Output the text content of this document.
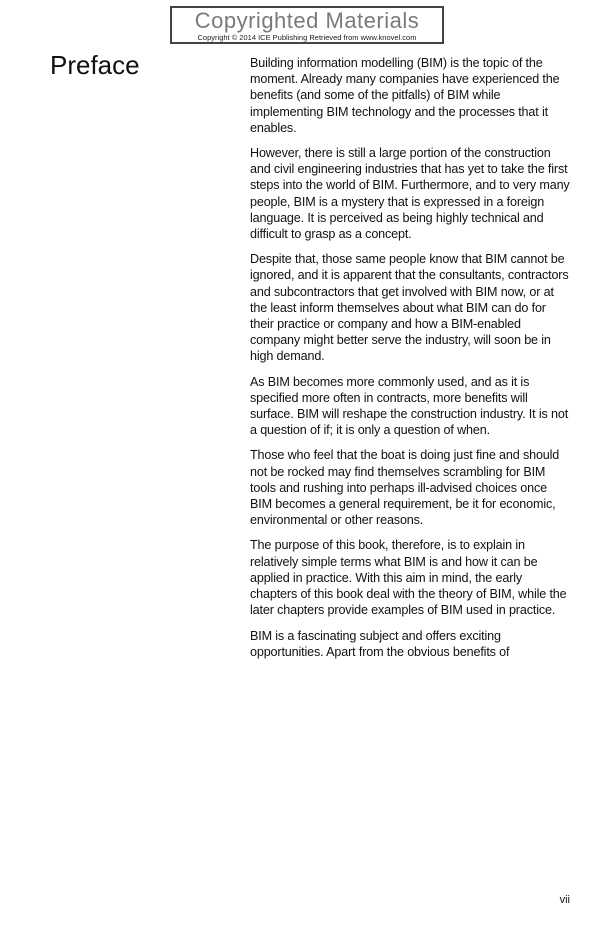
Copyrighted Materials
Copyright © 2014 ICE Publishing Retrieved from www.knovel.com
Preface	Building information modelling (BIM) is the topic of the moment. Already many companies have experienced the benefits (and some of the pitfalls) of BIM while implementing BIM technology and the processes that it enables.

However, there is still a large portion of the construction and civil engineering industries that has yet to take the first steps into the world of BIM. Furthermore, and to very many people, BIM is a mystery that is expressed in a foreign language. It is perceived as being highly technical and difficult to grasp as a concept.

Despite that, those same people know that BIM cannot be ignored, and it is apparent that the consultants, contractors and subcontractors that get involved with BIM now, or at the least inform themselves about what BIM can do for their practice or company and how a BIM-enabled company might better serve the industry, will soon be in high demand.

As BIM becomes more commonly used, and as it is specified more often in contracts, more benefits will surface. BIM will reshape the construction industry. It is not a question of if; it is only a question of when.

Those who feel that the boat is doing just fine and should not be rocked may find themselves scrambling for BIM tools and rushing into perhaps ill-advised choices once BIM becomes a general requirement, be it for economic, environmental or other reasons.

The purpose of this book, therefore, is to explain in relatively simple terms what BIM is and how it can be applied in practice. With this aim in mind, the early chapters of this book deal with the theory of BIM, while the later chapters provide examples of BIM used in practice.

BIM is a fascinating subject and offers exciting opportunities. Apart from the obvious benefits of

vii
